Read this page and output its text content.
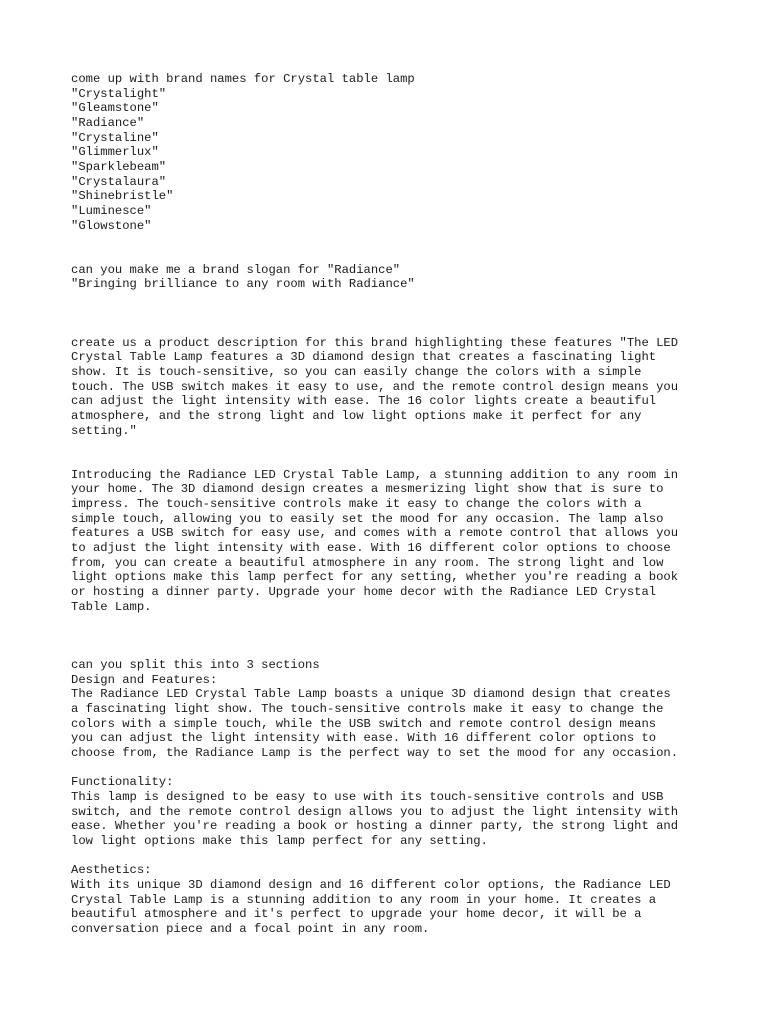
come up with brand names for Crystal table lamp
"Crystalight"
"Gleamstone"
"Radiance"
"Crystaline"
"Glimmerlux"
"Sparklebeam"
"Crystalaura"
"Shinebristle"
"Luminesce"
"Glowstone"
can you make me a brand slogan for "Radiance"
"Bringing brilliance to any room with Radiance"
create us a product description for this brand highlighting these features "The LED
Crystal Table Lamp features a 3D diamond design that creates a fascinating light
show. It is touch-sensitive, so you can easily change the colors with a simple
touch. The USB switch makes it easy to use, and the remote control design means you
can adjust the light intensity with ease. The 16 color lights create a beautiful
atmosphere, and the strong light and low light options make it perfect for any
setting."
Introducing the Radiance LED Crystal Table Lamp, a stunning addition to any room in
your home. The 3D diamond design creates a mesmerizing light show that is sure to
impress. The touch-sensitive controls make it easy to change the colors with a
simple touch, allowing you to easily set the mood for any occasion. The lamp also
features a USB switch for easy use, and comes with a remote control that allows you
to adjust the light intensity with ease. With 16 different color options to choose
from, you can create a beautiful atmosphere in any room. The strong light and low
light options make this lamp perfect for any setting, whether you're reading a book
or hosting a dinner party. Upgrade your home decor with the Radiance LED Crystal
Table Lamp.
can you split this into 3 sections
Design and Features:
The Radiance LED Crystal Table Lamp boasts a unique 3D diamond design that creates
a fascinating light show. The touch-sensitive controls make it easy to change the
colors with a simple touch, while the USB switch and remote control design means
you can adjust the light intensity with ease. With 16 different color options to
choose from, the Radiance Lamp is the perfect way to set the mood for any occasion.
Functionality:
This lamp is designed to be easy to use with its touch-sensitive controls and USB
switch, and the remote control design allows you to adjust the light intensity with
ease. Whether you're reading a book or hosting a dinner party, the strong light and
low light options make this lamp perfect for any setting.
Aesthetics:
With its unique 3D diamond design and 16 different color options, the Radiance LED
Crystal Table Lamp is a stunning addition to any room in your home. It creates a
beautiful atmosphere and it's perfect to upgrade your home decor, it will be a
conversation piece and a focal point in any room.
